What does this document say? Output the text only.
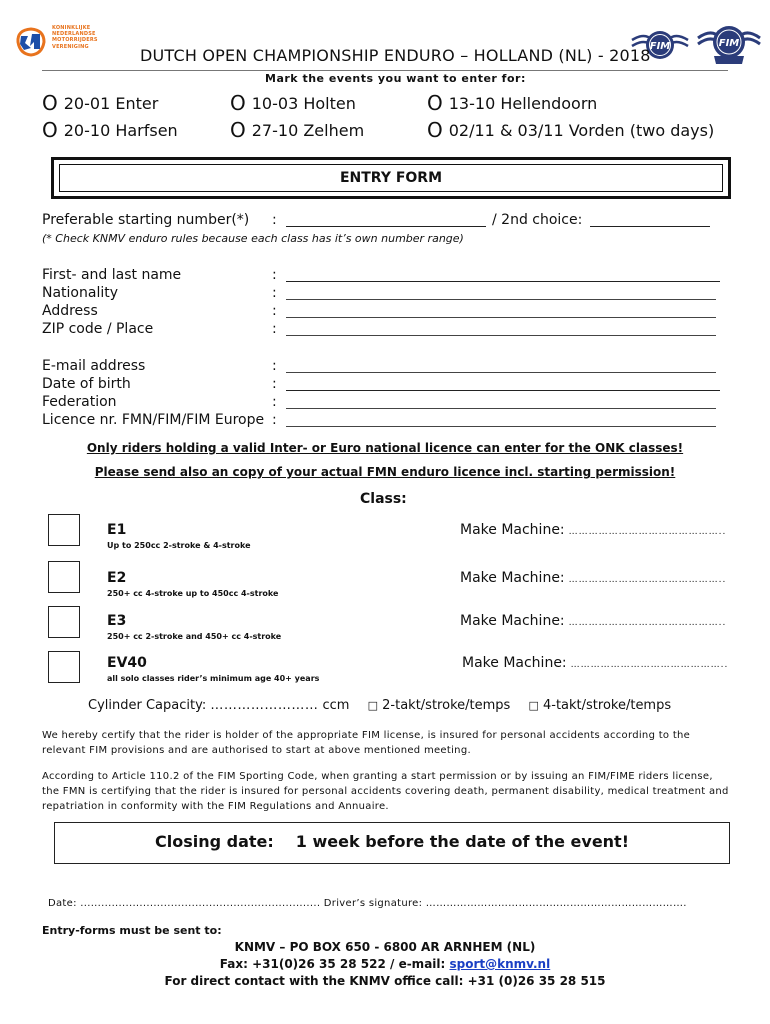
KONINKLIJKE
NEDERLANDSE
MOTORRIJDERS
VERENIGING	FIM	FIM
DUTCH OPEN CHAMPIONSHIP ENDURO – HOLLAND (NL) - 2018
Mark the events you want to enter for:
O 20-01 Enter	O 10-03 Holten	O 13-10 Hellendoorn
O 20-10 Harfsen	O 27-10 Zelhem	O 02/11 & 03/11 Vorden (two days)
ENTRY FORM
Preferable starting number(*) :	/ 2nd choice:
(* Check KNMV enduro rules because each class has it’s own number range)
First- and last name	:
Nationality	:
Address	:
ZIP code / Place	:
E-mail address	:
Date of birth	:
Federation	:
Licence nr. FMN/FIM/FIM Europe :
Only riders holding a valid Inter- or Euro national licence can enter for the ONK classes!
Please send also an copy of your actual FMN enduro licence incl. starting permission!
Class:
E1
Up to 250cc 2-stroke & 4-stroke
Make Machine: ………………………………………..
E2
250+ cc 4-stroke up to 450cc 4-stroke
Make Machine: ………………………………………..
E3
250+ cc 2-stroke and 450+ cc 4-stroke
Make Machine: ………………………………………..
EV40
all solo classes rider’s minimum age 40+ years
Make Machine: ………………………………………..
Cylinder Capacity: …………………… ccm □ 2-takt/stroke/temps □ 4-takt/stroke/temps
We hereby certify that the rider is holder of the appropriate FIM license, is insured for personal accidents according to the relevant FIM provisions and are authorised to start at above mentioned meeting.
According to Article 110.2 of the FIM Sporting Code, when granting a start permission or by issuing an FIM/FIME riders license, the FMN is certifying that the rider is insured for personal accidents covering death, permanent disability, medical treatment and repatriation in conformity with the FIM Regulations and Annuaire.
Closing date: 1 week before the date of the event!
Date: ..................................................................... Driver’s signature: ………………………………………………………………….
Entry-forms must be sent to:
KNMV – PO BOX 650 - 6800 AR ARNHEM (NL)
Fax: +31(0)26 35 28 522 / e-mail: sport@knmv.nl
For direct contact with the KNMV office call: +31 (0)26 35 28 515
